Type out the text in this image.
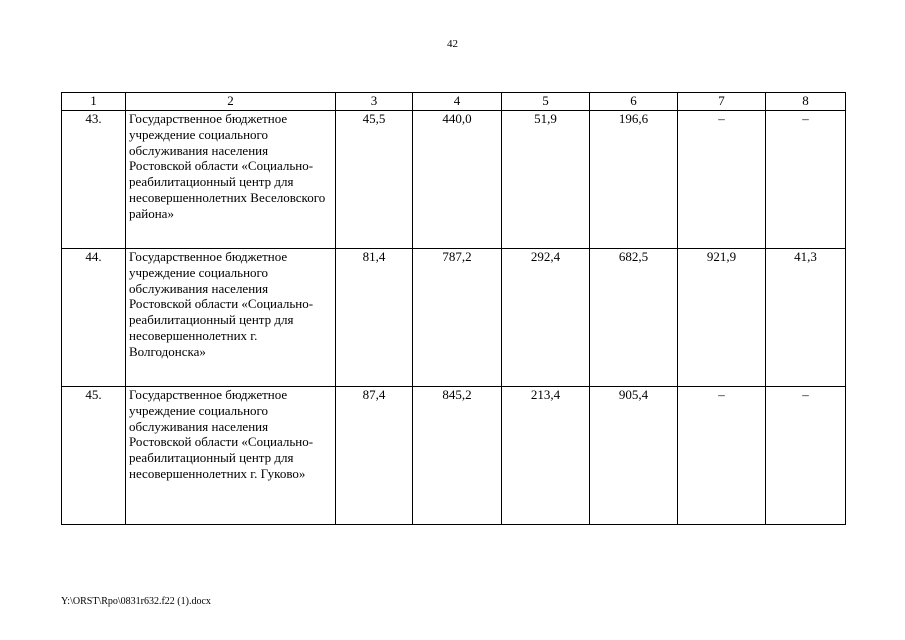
42
1	2	3	4	5	6	7	8
43.	Государственное бюджетное учреждение социального обслуживания населения Ростовской области «Социально-реабилитационный центр для несовершеннолетних Веселовского района»	45,5	440,0	51,9	196,6	–	–
44.	Государственное бюджетное учреждение социального обслуживания населения Ростовской области «Социально-реабилитационный центр для несовершеннолетних г. Волгодонска»	81,4	787,2	292,4	682,5	921,9	41,3
45.	Государственное бюджетное учреждение социального обслуживания населения Ростовской области «Социально-реабилитационный центр для несовершеннолетних г. Гуково»	87,4	845,2	213,4	905,4	–	–
Y:\ORST\Rpo\0831r632.f22 (1).docx
